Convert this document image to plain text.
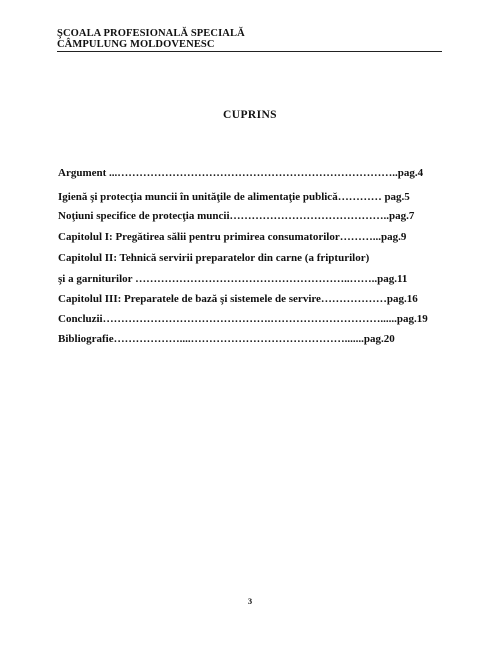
ŞCOALA PROFESIONALĂ SPECIALĂ
CÂMPULUNG MOLDOVENESC
CUPRINS
Argument ...…………………………………………………………………..pag.4
Igienă şi protecţia muncii în unităţile de alimentaţie publică………… pag.5
Noţiuni specifice de protecţia muncii……………………………………..pag.7
Capitolul I: Pregătirea sălii pentru primirea consumatorilor………...pag.9
Capitolul II: Tehnică servirii preparatelor din carne (a fripturilor)
şi a garniturilor …………………………………………………..……..pag.11
Capitolul III: Preparatele de bază şi sistemele de servire………………pag.16
Concluzii……………………………………….…………………………......pag.19
Bibliografie………………....…………………………………….......pag.20
3
